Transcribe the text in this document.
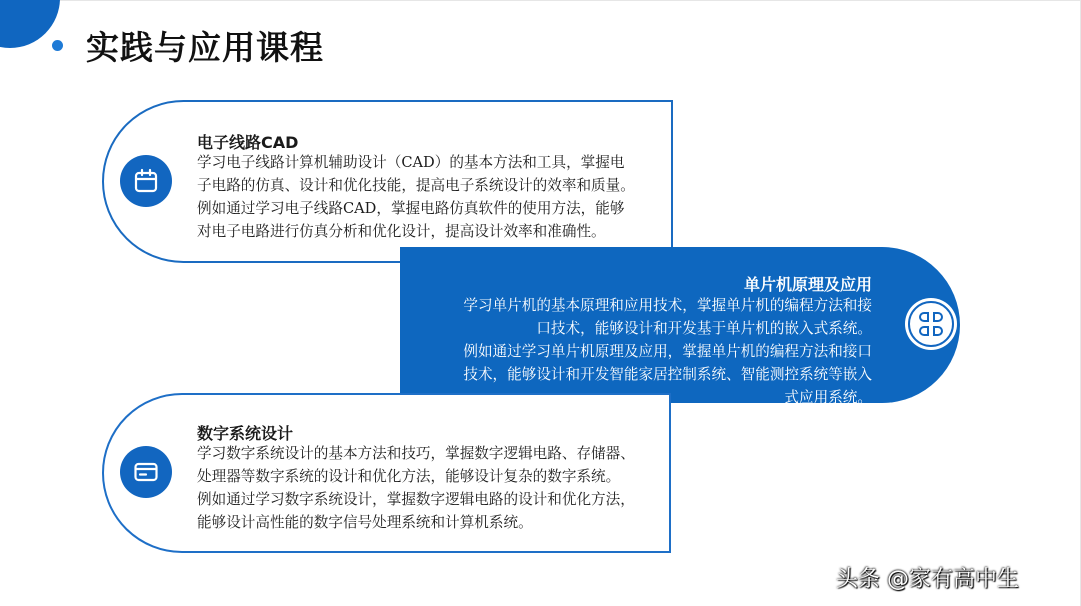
实践与应用课程
电子线路CAD
学习电子线路计算机辅助设计（CAD）的基本方法和工具，掌握电
子电路的仿真、设计和优化技能，提高电子系统设计的效率和质量。
例如通过学习电子线路CAD，掌握电路仿真软件的使用方法，能够
对电子电路进行仿真分析和优化设计，提高设计效率和准确性。
单片机原理及应用
学习单片机的基本原理和应用技术，掌握单片机的编程方法和接
口技术，能够设计和开发基于单片机的嵌入式系统。
例如通过学习单片机原理及应用，掌握单片机的编程方法和接口
技术，能够设计和开发智能家居控制系统、智能测控系统等嵌入
式应用系统。
数字系统设计
学习数字系统设计的基本方法和技巧，掌握数字逻辑电路、存储器、
处理器等数字系统的设计和优化方法，能够设计复杂的数字系统。
例如通过学习数字系统设计，掌握数字逻辑电路的设计和优化方法，
能够设计高性能的数字信号处理系统和计算机系统。
头条 @家有高中生
